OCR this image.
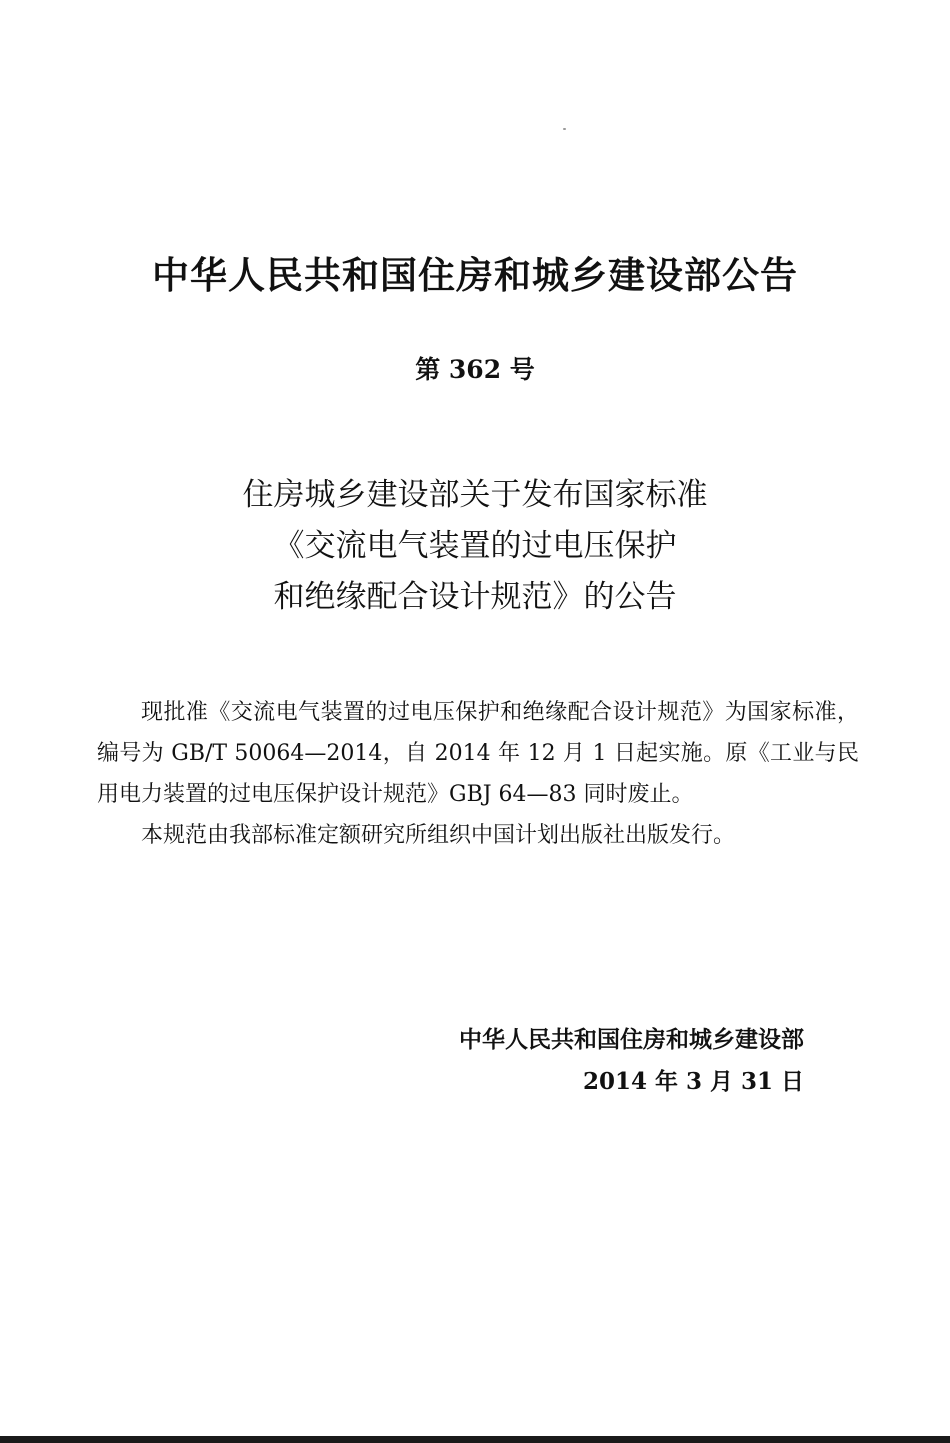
中华人民共和国住房和城乡建设部公告
第 362 号
住房城乡建设部关于发布国家标准
《交流电气装置的过电压保护
和绝缘配合设计规范》的公告

现批准《交流电气装置的过电压保护和绝缘配合设计规范》为国家标准，编号为 GB/T 50064—2014，自 2014 年 12 月 1 日起实施。原《工业与民用电力装置的过电压保护设计规范》GBJ 64—83 同时废止。

本规范由我部标准定额研究所组织中国计划出版社出版发行。

中华人民共和国住房和城乡建设部
2014 年 3 月 31 日
